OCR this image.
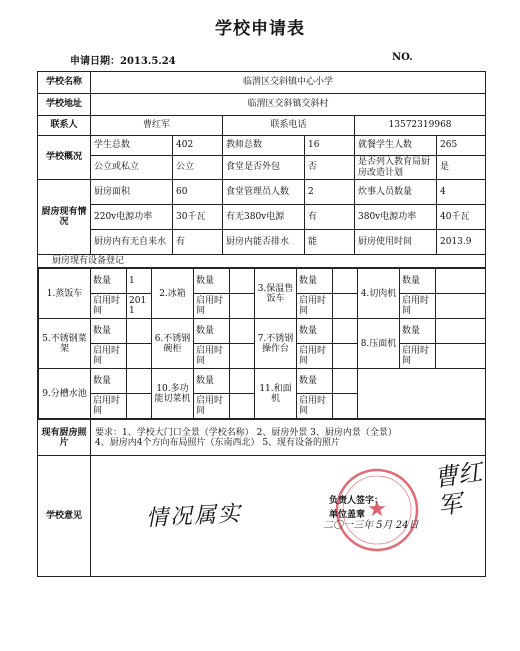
学校申请表
申请日期：2013.5.24	NO.
学校名称	临渭区交斜镇中心小学
学校地址	临渭区交斜镇交斜村
联系人	曹红军	联系电话	13572319968
学校概况	学生总数	402	教师总数	16	就餐学生人数	265
公立或私立	公立	食堂是否外包	否	是否列入教育局厨房改造计划	是
厨房现有情况	厨房面积	60	食堂管理员人数	2	炊事人员数量	4
220v电源功率	30千瓦	有无380v电源	有	380v电源功率	40千瓦
厨房内有无自来水	有	厨房内能否排水	能	厨房使用时间	2013.9
厨房现有设备登记

1.蒸饭车	数量	1	2.冰箱	数量		3.保温售饭车	数量		4.切肉机	数量	
启用时间	2011	启用时间		启用时间		启用时间	
5.不锈钢菜架	数量		6.不锈钢碗柜	数量		7.不锈钢操作台	数量		8.压面机	数量	
启用时间		启用时间		启用时间		启用时间	
9.分槽水池	数量		10.多功能切菜机	数量		11.和面机	数量		
启用时间		启用时间		启用时间	

现有厨房照片	
要求：1、学校大门口全景（学校名称） 2、厨房外景 3、厨房内景（全景）
4、厨房内4个方向布局照片（东南西北） 5、现有设备的照片

学校意见	情况属实	★
负责人签字：
曹红军
单位盖章
二〇一三年 5月 24日
